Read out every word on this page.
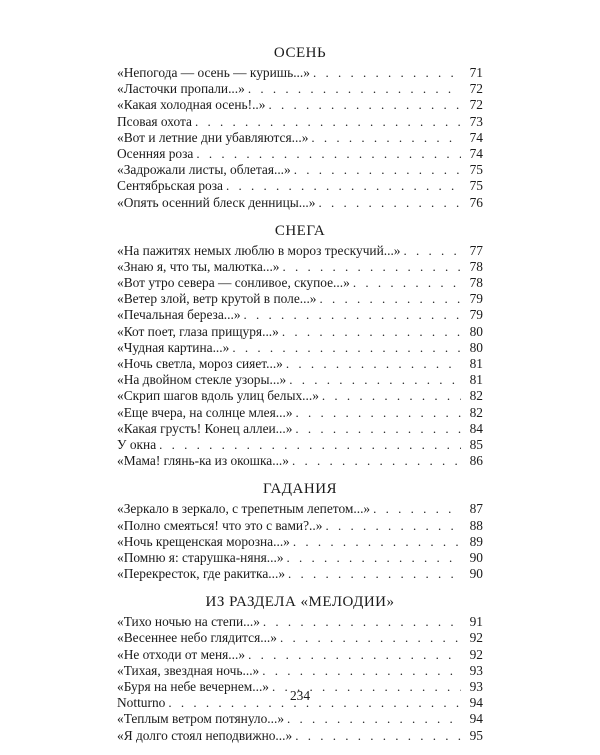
ОСЕНЬ
«Непогода — осень — куришь...» . . .	71
«Ласточки пропали...» . . .	72
«Какая холодная осень!..» . . .	72
Псовая охота . . .	73
«Вот и летние дни убавляются...» . . .	74
Осенняя роза . . .	74
«Задрожали листы, облетая...» . . .	75
Сентябрьская роза . . .	75
«Опять осенний блеск денницы...» . . .	76
СНЕГА
«На пажитях немых люблю в мороз трескучий...» . . .	77
«Знаю я, что ты, малютка...» . . .	78
«Вот утро севера — сонливое, скупое...» . . .	78
«Ветер злой, ветр крутой в поле...» . . .	79
«Печальная береза...» . . .	79
«Кот поет, глаза прищуря...» . . .	80
«Чудная картина...» . . .	80
«Ночь светла, мороз сияет...» . . .	81
«На двойном стекле узоры...» . . .	81
«Скрип шагов вдоль улиц белых...» . . .	82
«Еще вчера, на солнце млея...» . . .	82
«Какая грусть! Конец аллеи...» . . .	84
У окна . . .	85
«Мама! глянь-ка из окошка...» . . .	86
ГАДАНИЯ
«Зеркало в зеркало, с трепетным лепетом...» . . .	87
«Полно смеяться! что это с вами?..» . . .	88
«Ночь крещенская морозна...» . . .	89
«Помню я: старушка-няня...» . . .	90
«Перекресток, где ракитка...» . . .	90
ИЗ РАЗДЕЛА «МЕЛОДИИ»
«Тихо ночью на степи...» . . .	91
«Весеннее небо глядится...» . . .	92
«Не отходи от меня...» . . .	92
«Тихая, звездная ночь...» . . .	93
«Буря на небе вечернем...» . . .	93
Notturno . . .	94
«Теплым ветром потянуло...» . . .	94
«Я долго стоял неподвижно...» . . .	95
234
